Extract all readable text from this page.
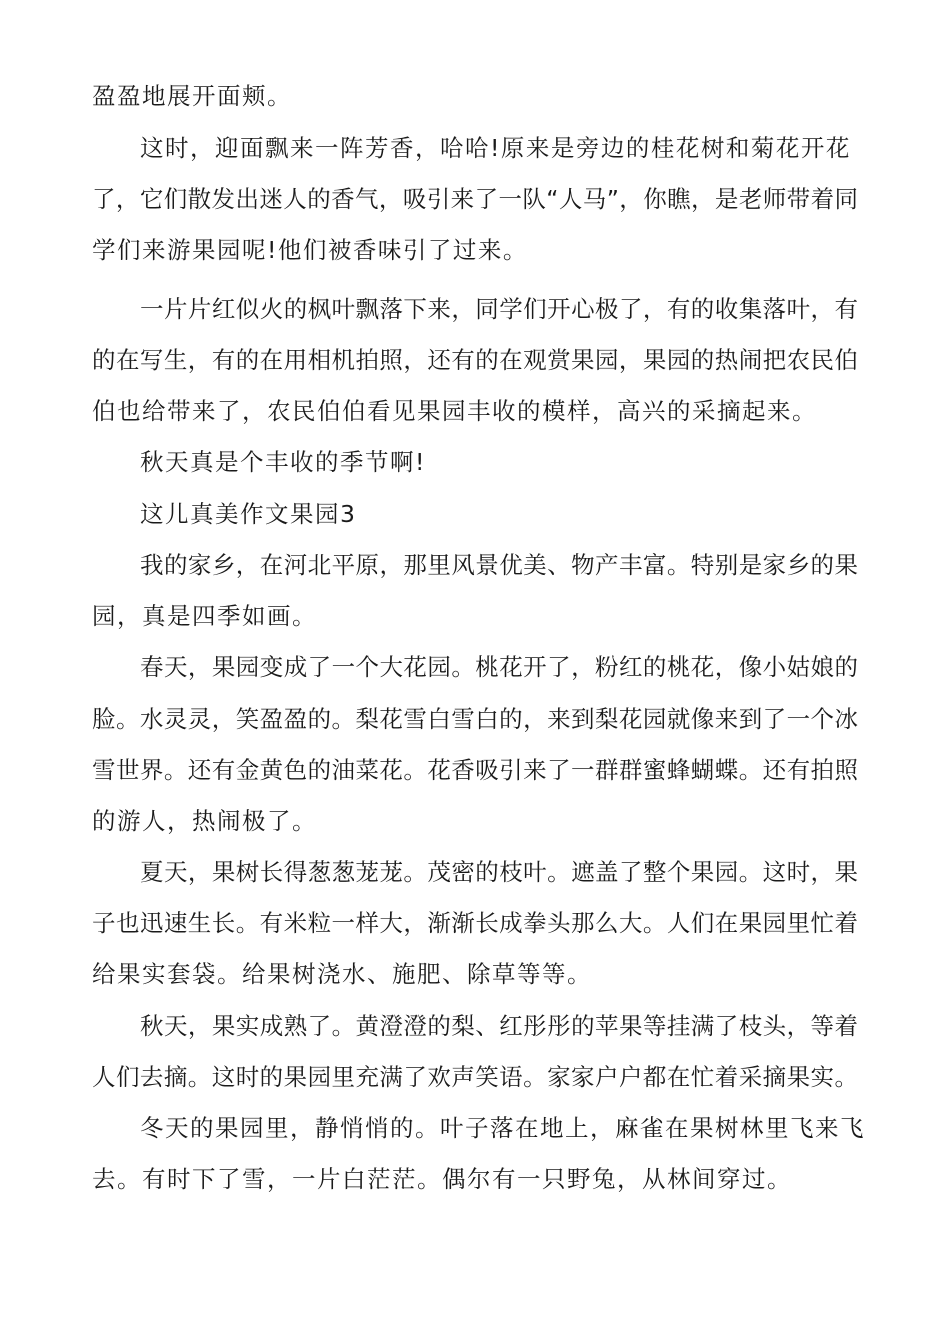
盈盈地展开面颊。
这时，迎面飘来一阵芳香，哈哈!原来是旁边的桂花树和菊花开花
了，它们散发出迷人的香气，吸引来了一队“人马”，你瞧，是老师带着同
学们来游果园呢!他们被香味引了过来。
一片片红似火的枫叶飘落下来，同学们开心极了，有的收集落叶，有
的在写生，有的在用相机拍照，还有的在观赏果园，果园的热闹把农民伯
伯也给带来了，农民伯伯看见果园丰收的模样，高兴的采摘起来。
秋天真是个丰收的季节啊!
这儿真美作文果园3
我的家乡，在河北平原，那里风景优美、物产丰富。特别是家乡的果
园，真是四季如画。
春天，果园变成了一个大花园。桃花开了，粉红的桃花，像小姑娘的
脸。水灵灵，笑盈盈的。梨花雪白雪白的，来到梨花园就像来到了一个冰
雪世界。还有金黄色的油菜花。花香吸引来了一群群蜜蜂蝴蝶。还有拍照
的游人，热闹极了。
夏天，果树长得葱葱茏茏。茂密的枝叶。遮盖了整个果园。这时，果
子也迅速生长。有米粒一样大，渐渐长成拳头那么大。人们在果园里忙着
给果实套袋。给果树浇水、施肥、除草等等。
秋天，果实成熟了。黄澄澄的梨、红彤彤的苹果等挂满了枝头，等着
人们去摘。这时的果园里充满了欢声笑语。家家户户都在忙着采摘果实。
冬天的果园里，静悄悄的。叶子落在地上，麻雀在果树林里飞来飞
去。有时下了雪，一片白茫茫。偶尔有一只野兔，从林间穿过。
